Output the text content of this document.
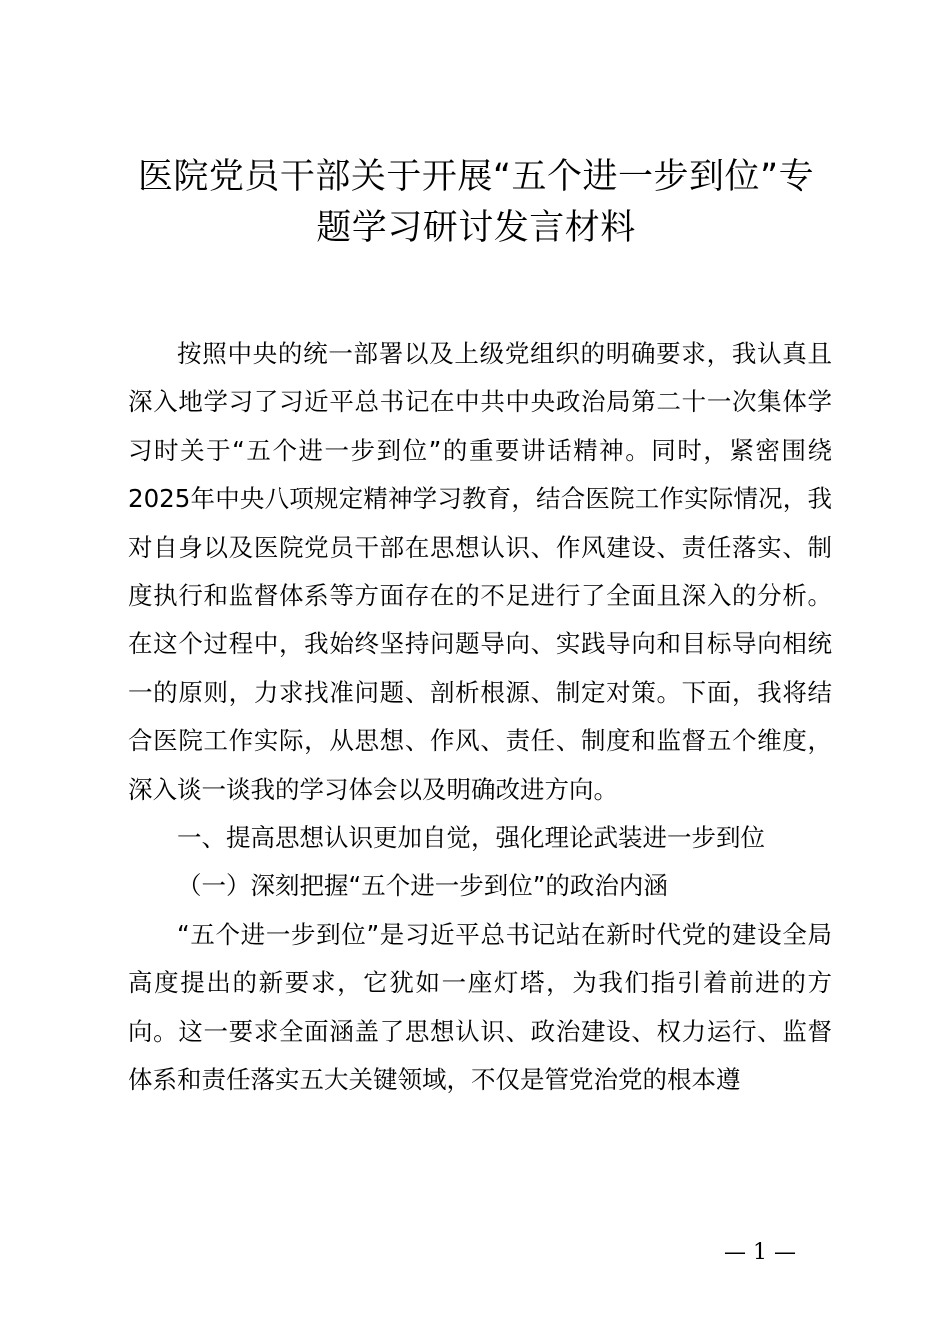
医院党员干部关于开展“五个进一步到位”专
题学习研讨发言材料

按照中央的统一部署以及上级党组织的明确要求，我认真且深入地学习了习近平总书记在中共中央政治局第二十一次集体学习时关于“五个进一步到位”的重要讲话精神。同时，紧密围绕2025年中央八项规定精神学习教育，结合医院工作实际情况，我对自身以及医院党员干部在思想认识、作风建设、责任落实、制度执行和监督体系等方面存在的不足进行了全面且深入的分析。在这个过程中，我始终坚持问题导向、实践导向和目标导向相统一的原则，力求找准问题、剖析根源、制定对策。下面，我将结合医院工作实际，从思想、作风、责任、制度和监督五个维度，深入谈一谈我的学习体会以及明确改进方向。

一、提高思想认识更加自觉，强化理论武装进一步到位

（一）深刻把握“五个进一步到位”的政治内涵

“五个进一步到位”是习近平总书记站在新时代党的建设全局高度提出的新要求，它犹如一座灯塔，为我们指引着前进的方向。这一要求全面涵盖了思想认识、政治建设、权力运行、监督体系和责任落实五大关键领域，不仅是管党治党的根本遵

— 1 —
